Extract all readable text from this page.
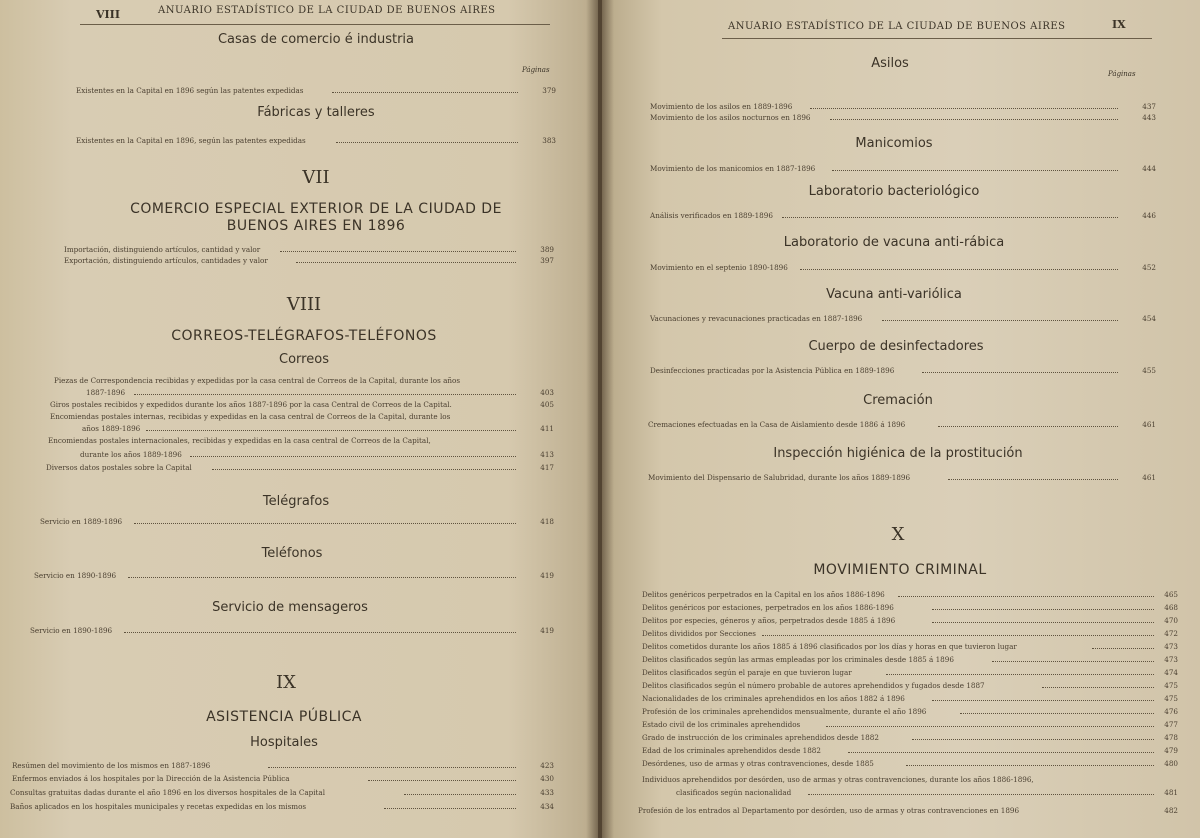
VIII	ANUARIO ESTADÍSTICO DE LA CIUDAD DE BUENOS AIRES
Casas de comercio é industria
Páginas
Existentes en la Capital en 1896 según las patentes expedidas	379
Fábricas y talleres
Existentes en la Capital en 1896, según las patentes expedidas	383
VII
COMERCIO ESPECIAL EXTERIOR DE LA CIUDAD DE
BUENOS AIRES EN 1896
Importación, distinguiendo artículos, cantidad y valor	389
Exportación, distinguiendo artículos, cantidades y valor	397
VIII
CORREOS-TELÉGRAFOS-TELÉFONOS
Correos
Piezas de Correspondencia recibidas y expedidas por la casa central de Correos de la Capital, durante los años
1887-1896	403
Giros postales recibidos y expedidos durante los años 1887-1896 por la casa Central de Correos de la Capital.	405
Encomiendas postales internas, recibidas y expedidas en la casa central de Correos de la Capital, durante los
años 1889-1896	411
Encomiendas postales internacionales, recibidas y expedidas en la casa central de Correos de la Capital,
durante los años 1889-1896	413
Diversos datos postales sobre la Capital	417
Telégrafos
Servicio en 1889-1896	418
Teléfonos
Servicio en 1890-1896	419
Servicio de mensageros
Servicio en 1890-1896	419
IX
ASISTENCIA PÚBLICA
Hospitales
Resúmen del movimiento de los mismos en 1887-1896	423
Enfermos enviados á los hospitales por la Dirección de la Asistencia Pública	430
Consultas gratuitas dadas durante el año 1896 en los diversos hospitales de la Capital	433
Baños aplicados en los hospitales municipales y recetas expedidas en los mismos	434
ANUARIO ESTADÍSTICO DE LA CIUDAD DE BUENOS AIRES	IX
Asilos
Páginas
Movimiento de los asilos en 1889-1896	437
Movimiento de los asilos nocturnos en 1896	443
Manicomios
Movimiento de los manicomios en 1887-1896	444
Laboratorio bacteriológico
Análisis verificados en 1889-1896	446
Laboratorio de vacuna anti-rábica
Movimiento en el septenio 1890-1896	452
Vacuna anti-variólica
Vacunaciones y revacunaciones practicadas en 1887-1896	454
Cuerpo de desinfectadores
Desinfecciones practicadas por la Asistencia Pública en 1889-1896	455
Cremación
Cremaciones efectuadas en la Casa de Aislamiento desde 1886 á 1896	461
Inspección higiénica de la prostitución
Movimiento del Dispensario de Salubridad, durante los años 1889-1896	461
X
MOVIMIENTO CRIMINAL
Delitos genéricos perpetrados en la Capital en los años 1886-1896	465
Delitos genéricos por estaciones, perpetrados en los años 1886-1896	468
Delitos por especies, géneros y años, perpetrados desde 1885 á 1896	470
Delitos divididos por Secciones	472
Delitos cometidos durante los años 1885 á 1896 clasificados por los días y horas en que tuvieron lugar	473
Delitos clasificados según las armas empleadas por los criminales desde 1885 á 1896	473
Delitos clasificados según el paraje en que tuvieron lugar	474
Delitos clasificados según el número probable de autores aprehendidos y fugados desde 1887	475
Nacionalidades de los criminales aprehendidos en los años 1882 á 1896	475
Profesión de los criminales aprehendidos mensualmente, durante el año 1896	476
Estado civil de los criminales aprehendidos	477
Grado de instrucción de los criminales aprehendidos desde 1882	478
Edad de los criminales aprehendidos desde 1882	479
Desórdenes, uso de armas y otras contravenciones, desde 1885	480
Individuos aprehendidos por desórden, uso de armas y otras contravenciones, durante los años 1886-1896,
clasificados según nacionalidad	481
Profesión de los entrados al Departamento por desórden, uso de armas y otras contravenciones en 1896	482
